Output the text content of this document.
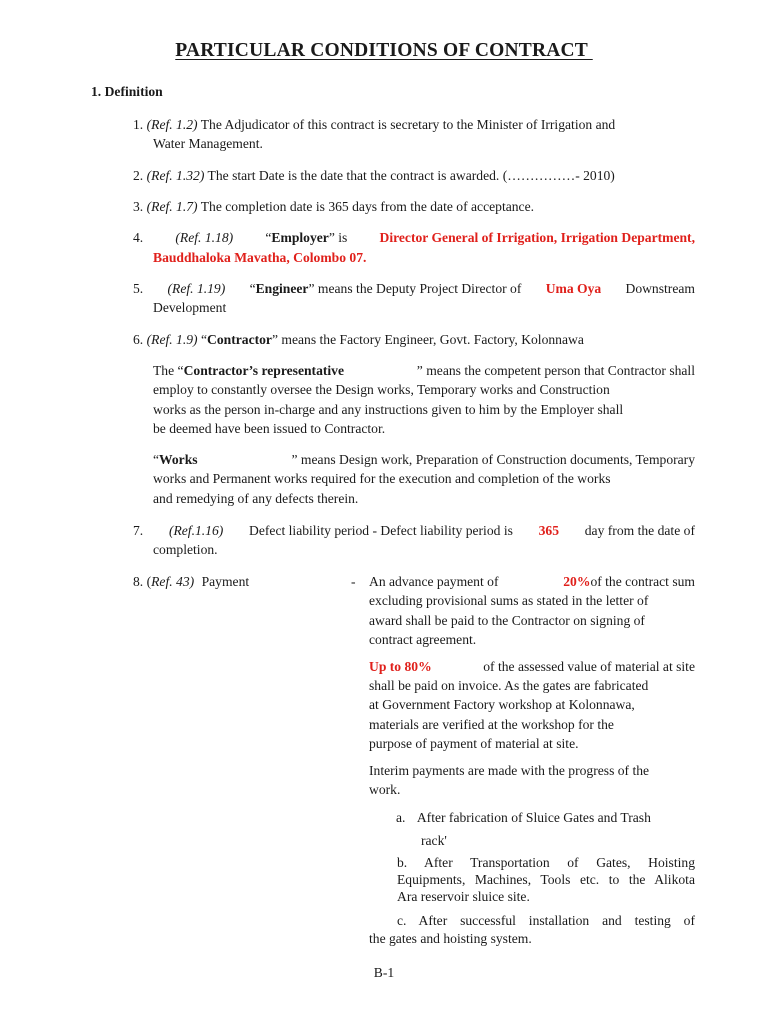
PARTICULAR CONDITIONS OF CONTRACT
1. Definition
1. (Ref. 1.2) The Adjudicator of this contract is secretary to the Minister of Irrigation and
Water Management.
2. (Ref. 1.32) The start Date is the date that the contract is awarded. (……………- 2010)
3. (Ref. 1.7) The completion date is 365 days from the date of acceptance.
4. (Ref. 1.18) “Employer” is Director General of Irrigation, Irrigation Department,
Bauddhaloka Mavatha, Colombo 07.
5. (Ref. 1.19) “Engineer” means the Deputy Project Director of Uma Oya Downstream
Development
6. (Ref. 1.9) “Contractor” means the Factory Engineer, Govt. Factory, Kolonnawa
The “Contractor’s representative	” means the competent person that Contractor shall
employ to constantly oversee the Design works, Temporary works and Construction
works as the person in-charge and any instructions given to him by the Employer shall
be deemed have been issued to Contractor.
“Works	” means Design work, Preparation of Construction documents, Temporary
works and Permanent works required for the execution and completion of the works
and remedying of any defects therein.
7. (Ref.1.16) Defect liability period - Defect liability period is 365 day from the date of
completion.
8. (Ref. 43) Payment	- An advance payment of	20%of the contract sum
excluding provisional sums as stated in the letter of
award shall be paid to the Contractor on signing of
contract agreement.
Up to 80%	of the assessed value of material at site
shall be paid on invoice. As the gates are fabricated
at Government Factory workshop at Kolonnawa,
materials are verified at the workshop for the
purpose of payment of material at site.
Interim payments are made with the progress of the
work.
a. After fabrication of Sluice Gates and Trash
rack'
b. After Transportation of Gates, Hoisting
Equipments, Machines, Tools etc. to the Alikota
Ara reservoir sluice site.
c. After successful installation and testing of
the gates and hoisting system.
B-1
